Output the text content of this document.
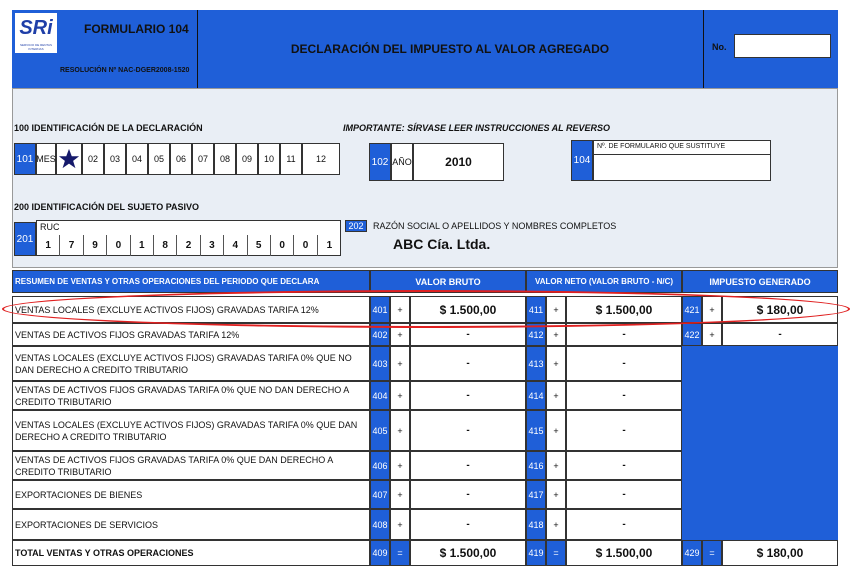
SRi
SERVICIO DE RENTAS INTERNAS
FORMULARIO 104
RESOLUCIÓN Nº NAC-DGER2008-1520
DECLARACIÓN DEL IMPUESTO AL VALOR AGREGADO	No.
100 IDENTIFICACIÓN DE LA DECLARACIÓN	IMPORTANTE: SÍRVASE LEER INSTRUCCIONES AL REVERSO
101 MES	02	03	04	05	06	07	08	09	10	11	12	102 AÑO	2010	104
Nº. DE FORMULARIO QUE SUSTITUYE
200 IDENTIFICACIÓN DEL SUJETO PASIVO
201
RUC
1	7	9	0	1	8	2	3	4	5	0	0	1
202	RAZÓN SOCIAL O APELLIDOS Y NOMBRES COMPLETOS
ABC Cía. Ltda.
RESUMEN DE VENTAS Y OTRAS OPERACIONES DEL PERIODO QUE DECLARA	VALOR BRUTO	VALOR NETO (VALOR BRUTO - N/C)	IMPUESTO GENERADO
VENTAS LOCALES (EXCLUYE ACTIVOS FIJOS) GRAVADAS TARIFA 12%	401	+	$ 1.500,00	411	+	$ 1.500,00	421	+	$ 180,00
VENTAS DE ACTIVOS FIJOS GRAVADAS TARIFA 12%	402	+	-	412	+	-	422	+	-
VENTAS LOCALES (EXCLUYE ACTIVOS FIJOS) GRAVADAS TARIFA 0% QUE NO DAN DERECHO A CREDITO TRIBUTARIO
403	+	-	413	+	-
VENTAS DE ACTIVOS FIJOS GRAVADAS TARIFA 0% QUE NO DAN DERECHO A CREDITO TRIBUTARIO
404	+	-	414	+	-
VENTAS LOCALES (EXCLUYE ACTIVOS FIJOS) GRAVADAS TARIFA 0% QUE DAN DERECHO A CREDITO TRIBUTARIO
405	+	-	415	+	-
VENTAS DE ACTIVOS FIJOS GRAVADAS TARIFA 0% QUE DAN DERECHO A CREDITO TRIBUTARIO
406	+	-	416	+	-
EXPORTACIONES DE BIENES	407	+	-	417	+	-
EXPORTACIONES DE SERVICIOS	408	+	-	418	+	-
TOTAL VENTAS Y OTRAS OPERACIONES	409	=	$ 1.500,00	419	=	$ 1.500,00	429	=	$ 180,00
